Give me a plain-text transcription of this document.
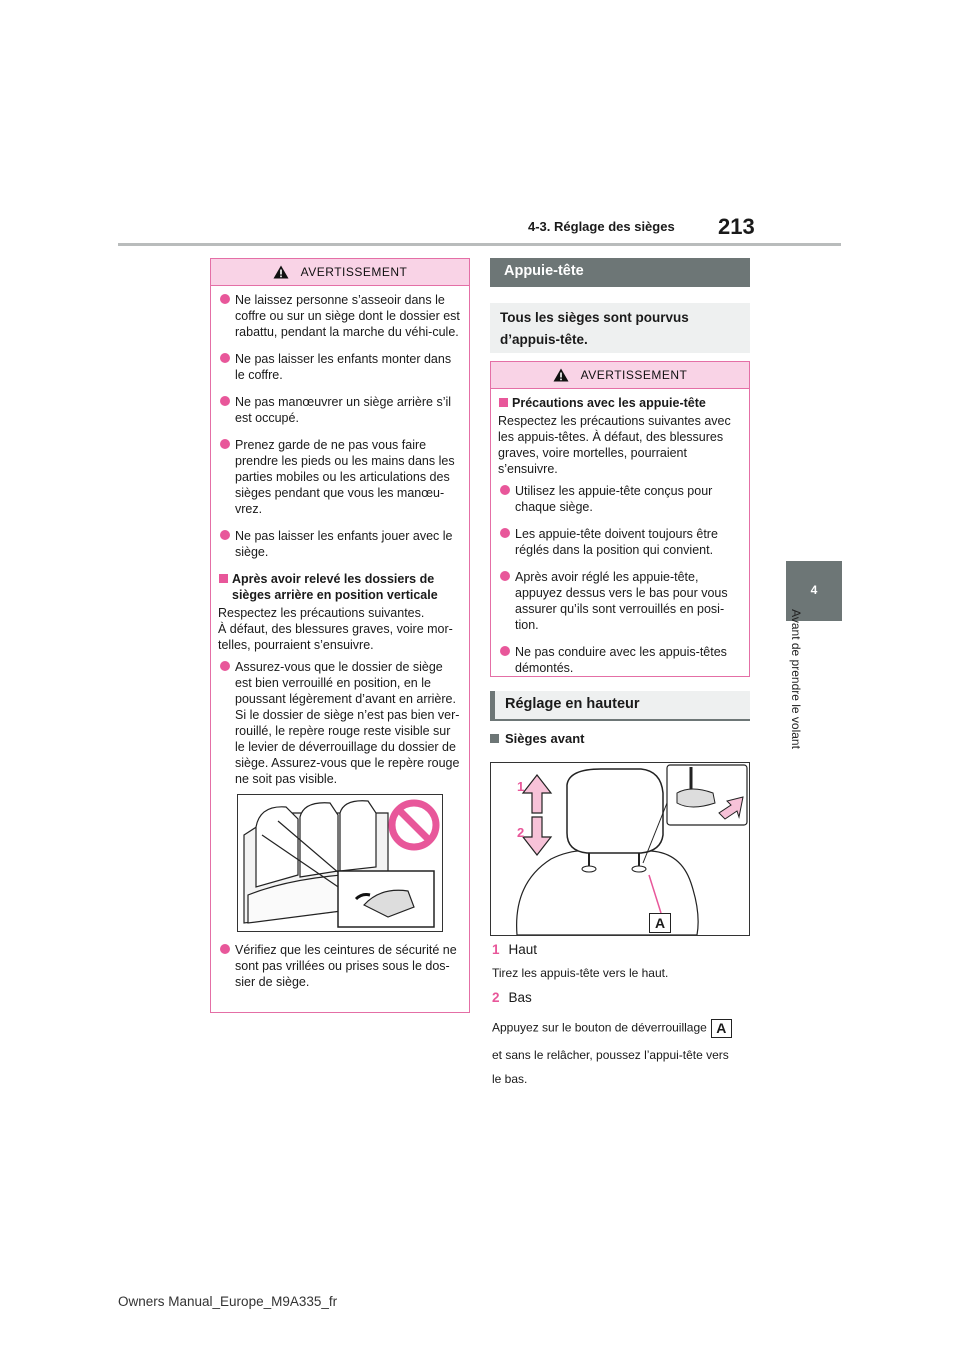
4-3. Réglage des sièges 213
4
Avant de prendre le volant
AVERTISSEMENT
Ne laissez personne s’asseoir dans le coffre ou sur un siège dont le dossier est rabattu, pendant la marche du véhi-cule.
Ne pas laisser les enfants monter dans le coffre.
Ne pas manœuvrer un siège arrière s’il est occupé.
Prenez garde de ne pas vous faire prendre les pieds ou les mains dans les parties mobiles ou les articulations des sièges pendant que vous les manœu-vrez.
Ne pas laisser les enfants jouer avec le siège.
Après avoir relevé les dossiers de sièges arrière en position verticale
Respectez les précautions suivantes.
À défaut, des blessures graves, voire mor-telles, pourraient s’ensuivre.
Assurez-vous que le dossier de siège est bien verrouillé en position, en le poussant légèrement d’avant en arrière. Si le dossier de siège n’est pas bien ver-rouillé, le repère rouge reste visible sur le levier de déverrouillage du dossier de siège. Assurez-vous que le repère rouge ne soit pas visible.
Vérifiez que les ceintures de sécurité ne sont pas vrillées ou prises sous le dos-sier de siège.
Appuie-tête
Tous les sièges sont pourvus d’appuis-tête.
AVERTISSEMENT
Précautions avec les appuie-tête
Respectez les précautions suivantes avec les appuis-têtes. À défaut, des blessures graves, voire mortelles, pourraient s’ensuivre.
Utilisez les appuie-tête conçus pour chaque siège.
Les appuie-tête doivent toujours être réglés dans la position qui convient.
Après avoir réglé les appuie-tête, appuyez dessus vers le bas pour vous assurer qu’ils sont verrouillés en posi-tion.
Ne pas conduire avec les appuis-têtes démontés.
Réglage en hauteur
Sièges avant
1
2
A
1 Haut
Tirez les appuis-tête vers le haut.
2 Bas
Appuyez sur le bouton de déverrouillage A
et sans le relâcher, poussez l’appui-tête vers
le bas.
Owners Manual_Europe_M9A335_fr
